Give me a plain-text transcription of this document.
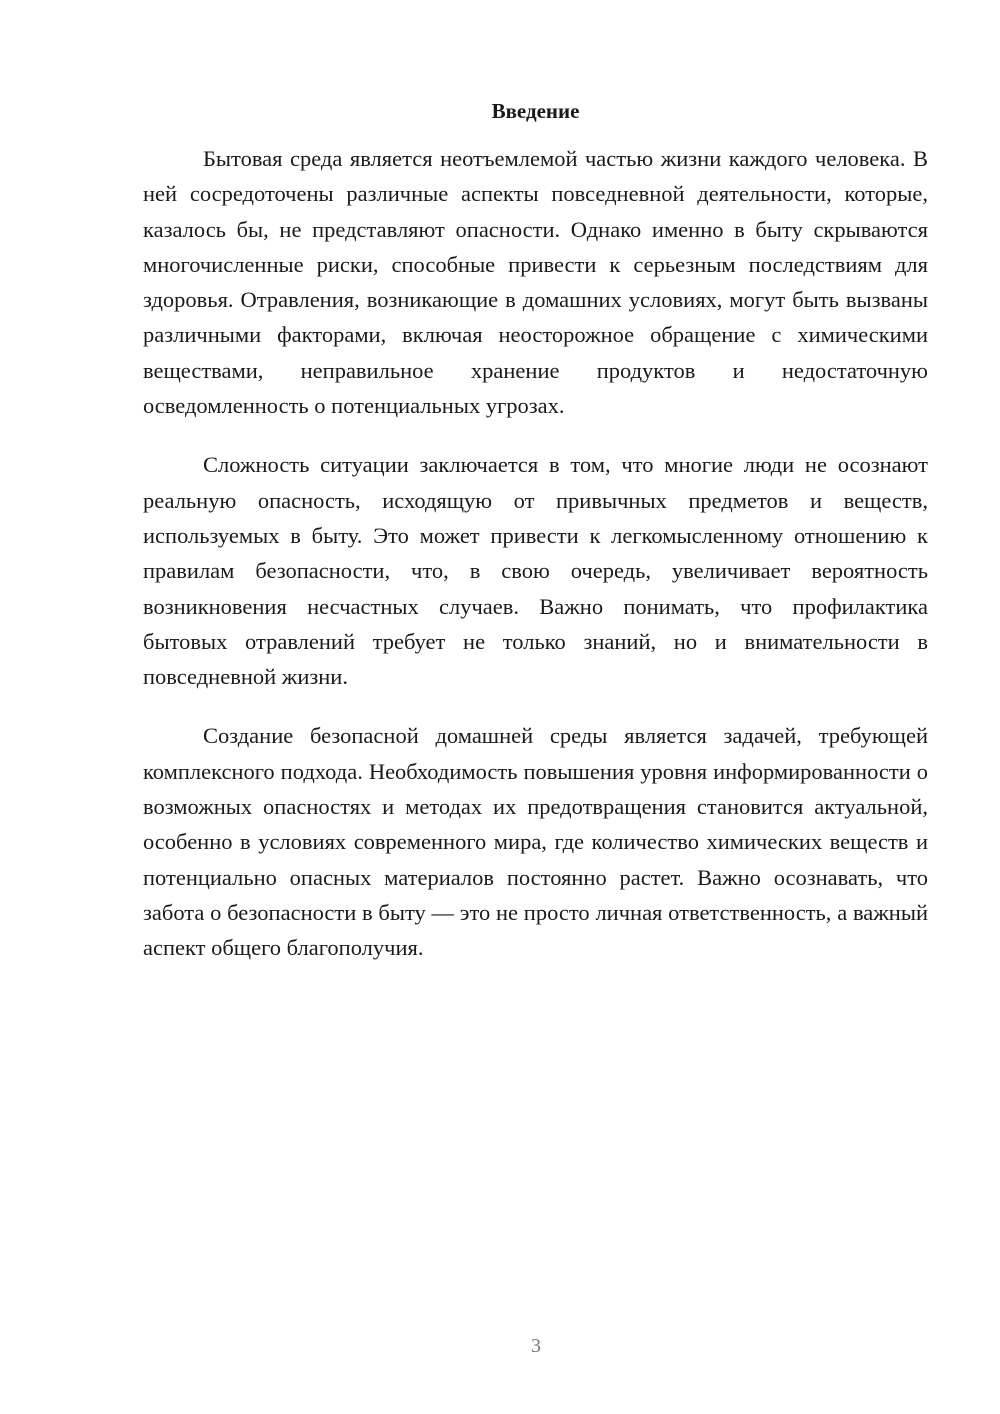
Введение

Бытовая среда является неотъемлемой частью жизни каждого человека. В ней сосредоточены различные аспекты повседневной деятельности, которые, казалось бы, не представляют опасности. Однако именно в быту скрываются многочисленные риски, способные привести к серьезным последствиям для здоровья. Отравления, возникающие в домашних условиях, могут быть вызваны различными факторами, включая неосторожное обращение с химическими веществами, неправильное хранение продуктов и недостаточную осведомленность о потенциальных угрозах.

Сложность ситуации заключается в том, что многие люди не осознают реальную опасность, исходящую от привычных предметов и веществ, используемых в быту. Это может привести к легкомысленному отношению к правилам безопасности, что, в свою очередь, увеличивает вероятность возникновения несчастных случаев. Важно понимать, что профилактика бытовых отравлений требует не только знаний, но и внимательности в повседневной жизни.

Создание безопасной домашней среды является задачей, требующей комплексного подхода. Необходимость повышения уровня информированности о возможных опасностях и методах их предотвращения становится актуальной, особенно в условиях современного мира, где количество химических веществ и потенциально опасных материалов постоянно растет. Важно осознавать, что забота о безопасности в быту — это не просто личная ответственность, а важный аспект общего благополучия.

3
